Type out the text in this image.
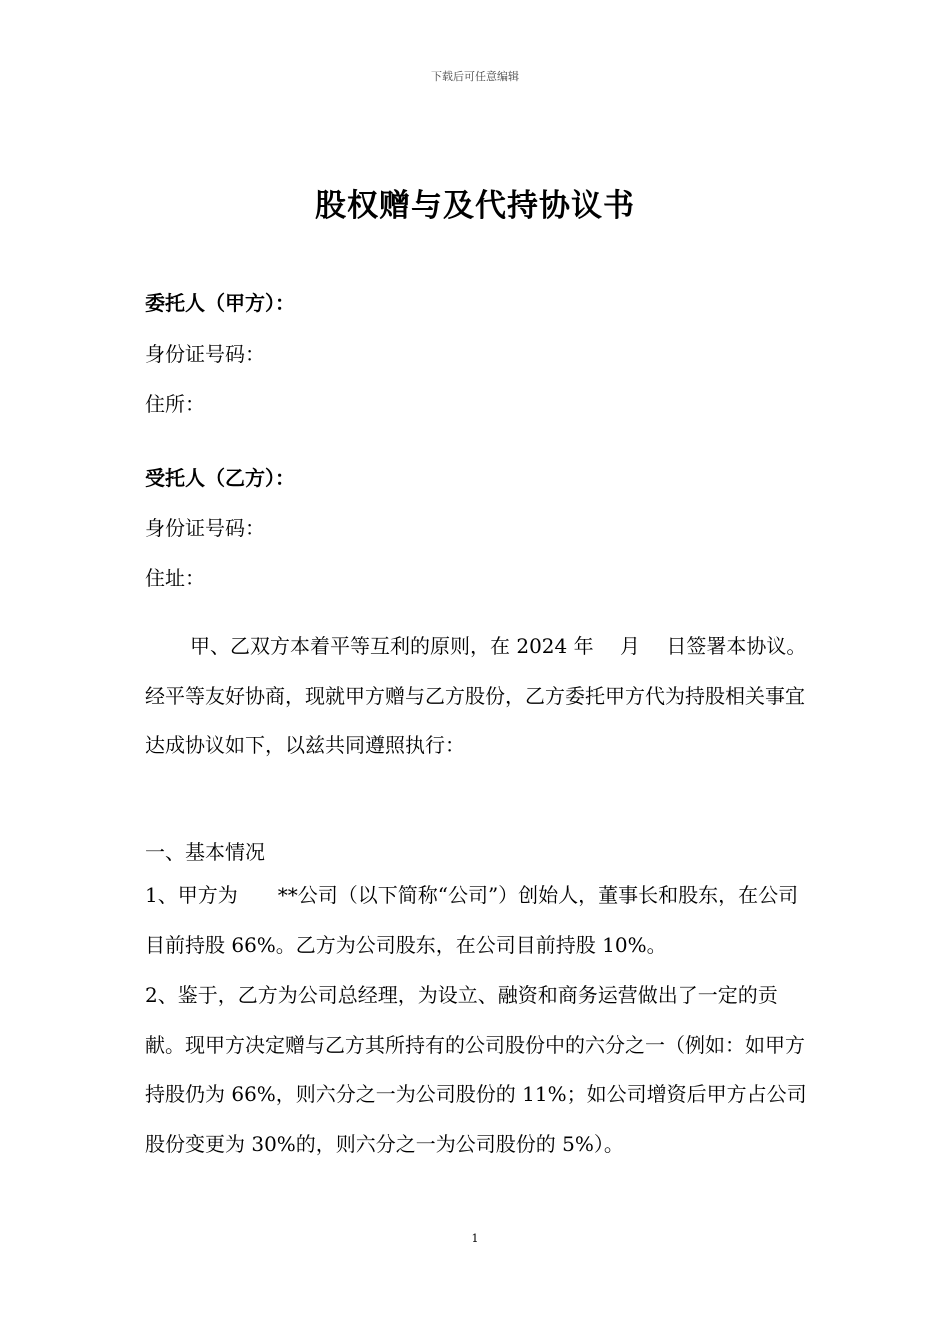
下载后可任意编辑
股权赠与及代持协议书
委托人（甲方）：
身份证号码：
住所：
受托人（乙方）：
身份证号码：
住址：
甲、乙双方本着平等互利的原则，在 2024 年　 月　 日签署本协议。经平等友好协商，现就甲方赠与乙方股份，乙方委托甲方代为持股相关事宜达成协议如下，以兹共同遵照执行：
一、基本情况
1、甲方为　　**公司（以下简称“公司”）创始人，董事长和股东，在公司目前持股 66%。乙方为公司股东，在公司目前持股 10%。
2、鉴于，乙方为公司总经理，为设立、融资和商务运营做出了一定的贡献。现甲方决定赠与乙方其所持有的公司股份中的六分之一（例如：如甲方持股仍为 66%，则六分之一为公司股份的 11%；如公司增资后甲方占公司股份变更为 30%的，则六分之一为公司股份的 5%）。
1
